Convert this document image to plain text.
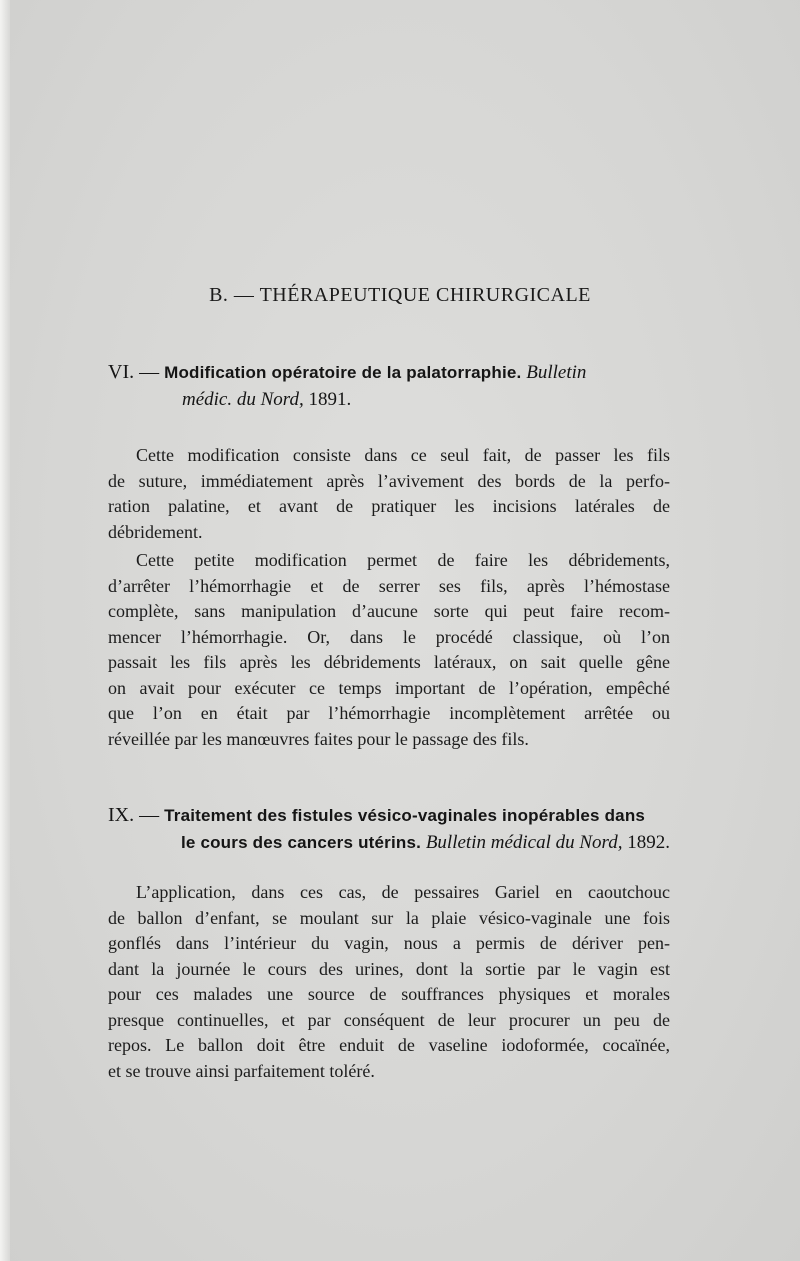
B. — THÉRAPEUTIQUE CHIRURGICALE
VI. — Modification opératoire de la palatorraphie. Bulletin
médic. du Nord, 1891.
Cette modification consiste dans ce seul fait, de passer les fils
de suture, immédiatement après l’avivement des bords de la perfo-
ration palatine, et avant de pratiquer les incisions latérales de
débridement.
Cette petite modification permet de faire les débridements,
d’arrêter l’hémorrhagie et de serrer ses fils, après l’hémostase
complète, sans manipulation d’aucune sorte qui peut faire recom-
mencer l’hémorrhagie. Or, dans le procédé classique, où l’on
passait les fils après les débridements latéraux, on sait quelle gêne
on avait pour exécuter ce temps important de l’opération, empêché
que l’on en était par l’hémorrhagie incomplètement arrêtée ou
réveillée par les manœuvres faites pour le passage des fils.
IX. — Traitement des fistules vésico-vaginales inopérables dans
le cours des cancers utérins. Bulletin médical du Nord, 1892.
L’application, dans ces cas, de pessaires Gariel en caoutchouc
de ballon d’enfant, se moulant sur la plaie vésico-vaginale une fois
gonflés dans l’intérieur du vagin, nous a permis de dériver pen-
dant la journée le cours des urines, dont la sortie par le vagin est
pour ces malades une source de souffrances physiques et morales
presque continuelles, et par conséquent de leur procurer un peu de
repos. Le ballon doit être enduit de vaseline iodoformée, cocaïnée,
et se trouve ainsi parfaitement toléré.
